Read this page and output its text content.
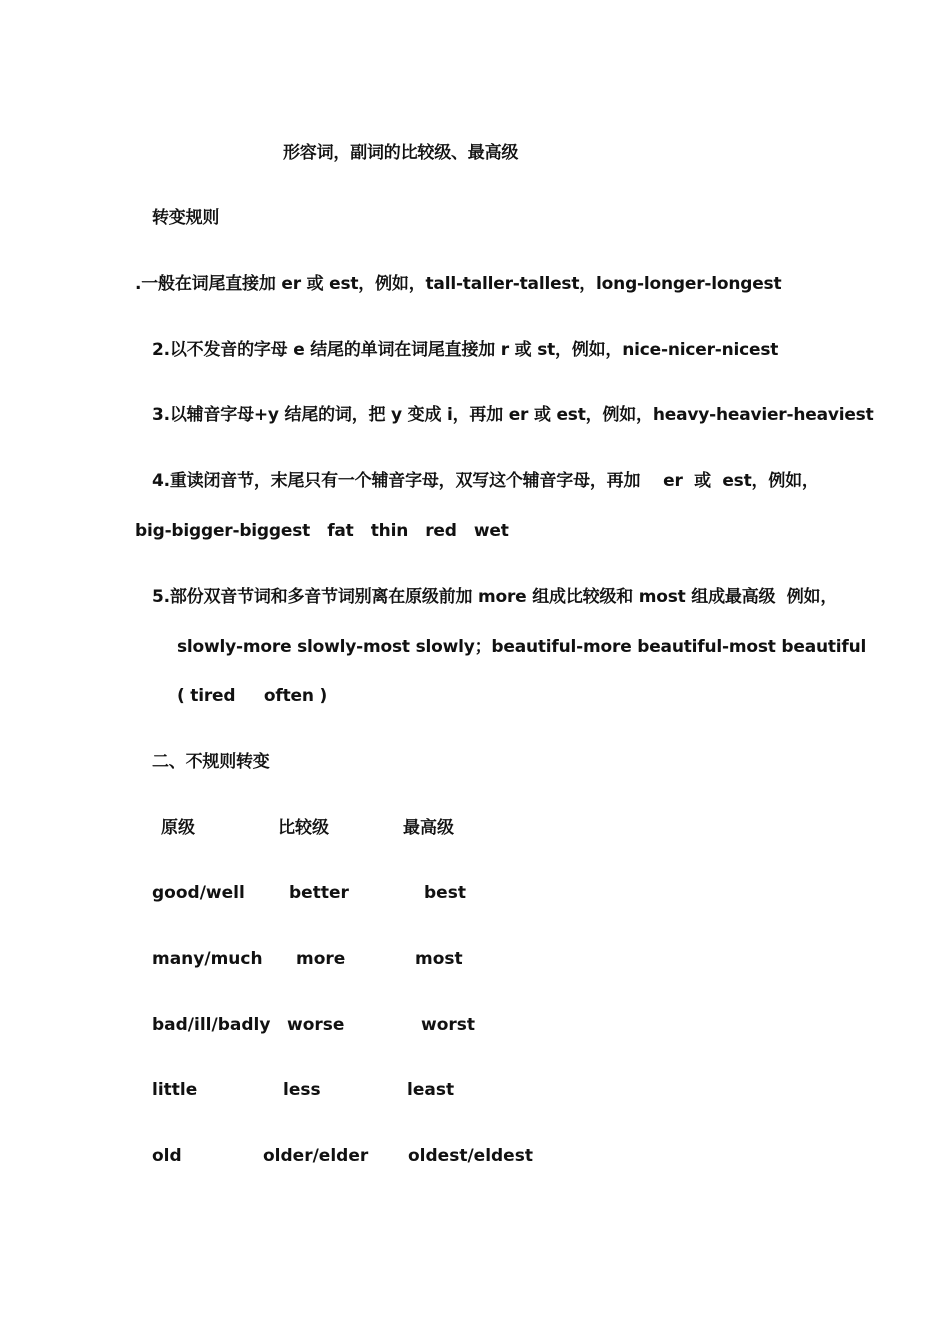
形容词，副词的比较级、最高级
转变规则
.一般在词尾直接加 er 或 est，例如，tall-taller-tallest，long-longer-longest
2.以不发音的字母 e 结尾的单词在词尾直接加 r 或 st，例如，nice-nicer-nicest
3.以辅音字母+y 结尾的词，把 y 变成 i，再加 er 或 est，例如，heavy-heavier-heaviest
4.重读闭音节，末尾只有一个辅音字母，双写这个辅音字母，再加    er  或  est，例如，
big-bigger-biggest   fat   thin   red   wet
5.部份双音节词和多音节词别离在原级前加 more 组成比较级和 most 组成最高级  例如，
slowly-more slowly-most slowly；beautiful-more beautiful-most beautiful
( tired     often )
二、不规则转变
原级	比较级	最高级
good/well	better	best
many/much more	most
bad/ill/badly worse	worst
little	less	least
old	older/elder oldest/eldest
